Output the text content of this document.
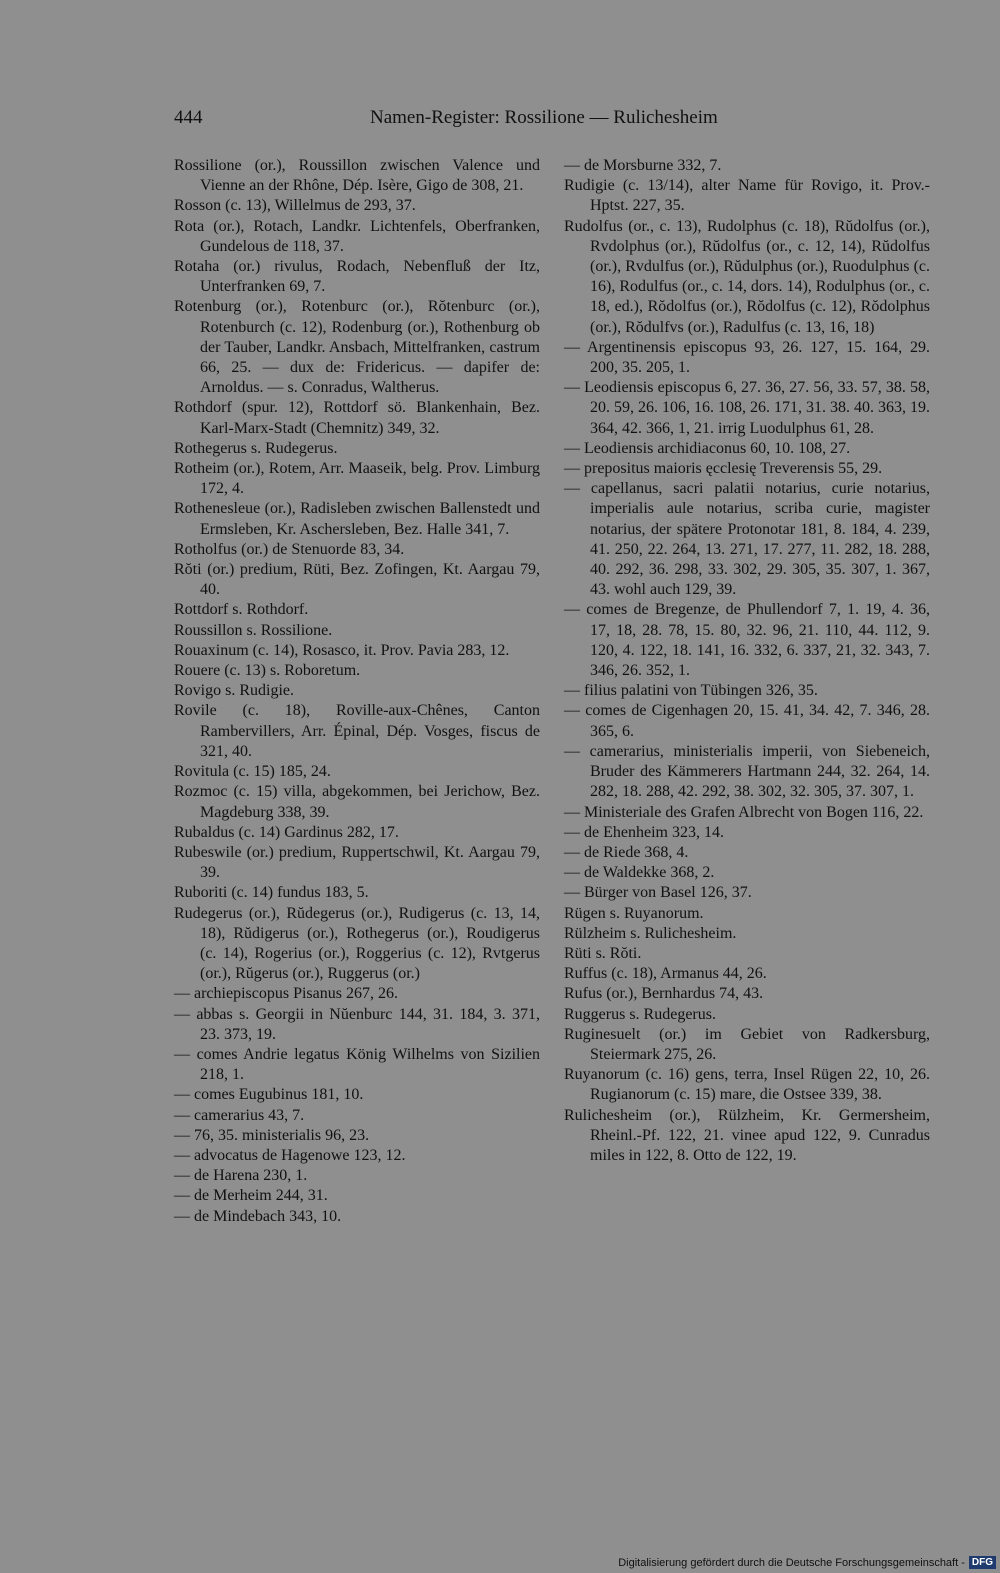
444	Namen-Register: Rossilione — Rulichesheim

Rossilione (or.), Roussillon zwischen Valence und Vienne an der Rhône, Dép. Isère, Gigo de 308, 21.

Rosson (c. 13), Willelmus de 293, 37.

Rota (or.), Rotach, Landkr. Lichtenfels, Oberfranken, Gundelous de 118, 37.

Rotaha (or.) rivulus, Rodach, Nebenfluß der Itz, Unterfranken 69, 7.

Rotenburg (or.), Rotenburc (or.), Rŏtenburc (or.), Rotenburch (c. 12), Rodenburg (or.), Rothenburg ob der Tauber, Landkr. Ansbach, Mittelfranken, castrum 66, 25. — dux de: Fridericus. — dapifer de: Arnoldus. — s. Conradus, Waltherus.

Rothdorf (spur. 12), Rottdorf sö. Blankenhain, Bez. Karl-Marx-Stadt (Chemnitz) 349, 32.

Rothegerus s. Rudegerus.

Rotheim (or.), Rotem, Arr. Maaseik, belg. Prov. Limburg 172, 4.

Rothenesleue (or.), Radisleben zwischen Ballenstedt und Ermsleben, Kr. Aschersleben, Bez. Halle 341, 7.

Rotholfus (or.) de Stenuorde 83, 34.

Rŏti (or.) predium, Rüti, Bez. Zofingen, Kt. Aargau 79, 40.

Rottdorf s. Rothdorf.

Roussillon s. Rossilione.

Rouaxinum (c. 14), Rosasco, it. Prov. Pavia 283, 12.

Rouere (c. 13) s. Roboretum.

Rovigo s. Rudigie.

Rovile (c. 18), Roville-aux-Chênes, Canton Rambervillers, Arr. Épinal, Dép. Vosges, fiscus de 321, 40.

Rovitula (c. 15) 185, 24.

Rozmoc (c. 15) villa, abgekommen, bei Jerichow, Bez. Magdeburg 338, 39.

Rubaldus (c. 14) Gardinus 282, 17.

Rubeswile (or.) predium, Ruppertschwil, Kt. Aargau 79, 39.

Ruboriti (c. 14) fundus 183, 5.

Rudegerus (or.), Rŭdegerus (or.), Rudigerus (c. 13, 14, 18), Rŭdigerus (or.), Rothegerus (or.), Roudigerus (c. 14), Rogerius (or.), Roggerius (c. 12), Rvtgerus (or.), Rŭgerus (or.), Ruggerus (or.)

— archiepiscopus Pisanus 267, 26.

— abbas s. Georgii in Nŭenburc 144, 31. 184, 3. 371, 23. 373, 19.

— comes Andrie legatus König Wilhelms von Sizilien 218, 1.

— comes Eugubinus 181, 10.

— camerarius 43, 7.

— 76, 35. ministerialis 96, 23.

— advocatus de Hagenowe 123, 12.

— de Harena 230, 1.

— de Merheim 244, 31.

— de Mindebach 343, 10.

— de Morsburne 332, 7.

Rudigie (c. 13/14), alter Name für Rovigo, it. Prov.-Hptst. 227, 35.

Rudolfus (or., c. 13), Rudolphus (c. 18), Rŭdolfus (or.), Rvdolphus (or.), Rŭdolfus (or., c. 12, 14), Rŭdolfus (or.), Rvdulfus (or.), Rŭdulphus (or.), Ruodulphus (c. 16), Rodulfus (or., c. 14, dors. 14), Rodulphus (or., c. 18, ed.), Rŏdolfus (or.), Rŏdolfus (c. 12), Rŏdolphus (or.), Rŏdulfvs (or.), Radulfus (c. 13, 16, 18)

— Argentinensis episcopus 93, 26. 127, 15. 164, 29. 200, 35. 205, 1.

— Leodiensis episcopus 6, 27. 36, 27. 56, 33. 57, 38. 58, 20. 59, 26. 106, 16. 108, 26. 171, 31. 38. 40. 363, 19. 364, 42. 366, 1, 21. irrig Luodulphus 61, 28.

— Leodiensis archidiaconus 60, 10. 108, 27.

— prepositus maioris ęcclesię Treverensis 55, 29.

— capellanus, sacri palatii notarius, curie notarius, imperialis aule notarius, scriba curie, magister notarius, der spätere Protonotar 181, 8. 184, 4. 239, 41. 250, 22. 264, 13. 271, 17. 277, 11. 282, 18. 288, 40. 292, 36. 298, 33. 302, 29. 305, 35. 307, 1. 367, 43. wohl auch 129, 39.

— comes de Bregenze, de Phullendorf 7, 1. 19, 4. 36, 17, 18, 28. 78, 15. 80, 32. 96, 21. 110, 44. 112, 9. 120, 4. 122, 18. 141, 16. 332, 6. 337, 21, 32. 343, 7. 346, 26. 352, 1.

— filius palatini von Tübingen 326, 35.

— comes de Cigenhagen 20, 15. 41, 34. 42, 7. 346, 28. 365, 6.

— camerarius, ministerialis imperii, von Siebeneich, Bruder des Kämmerers Hartmann 244, 32. 264, 14. 282, 18. 288, 42. 292, 38. 302, 32. 305, 37. 307, 1.

— Ministeriale des Grafen Albrecht von Bogen 116, 22.

— de Ehenheim 323, 14.

— de Riede 368, 4.

— de Waldekke 368, 2.

— Bürger von Basel 126, 37.

Rügen s. Ruyanorum.

Rülzheim s. Rulichesheim.

Rüti s. Rŏti.

Ruffus (c. 18), Armanus 44, 26.

Rufus (or.), Bernhardus 74, 43.

Ruggerus s. Rudegerus.

Ruginesuelt (or.) im Gebiet von Radkersburg, Steiermark 275, 26.

Ruyanorum (c. 16) gens, terra, Insel Rügen 22, 10, 26. Rugianorum (c. 15) mare, die Ostsee 339, 38.

Rulichesheim (or.), Rülzheim, Kr. Germersheim, Rheinl.-Pf. 122, 21. vinee apud 122, 9. Cunradus miles in 122, 8. Otto de 122, 19.

Digitalisierung gefördert durch die Deutsche Forschungsgemeinschaft - DFG
